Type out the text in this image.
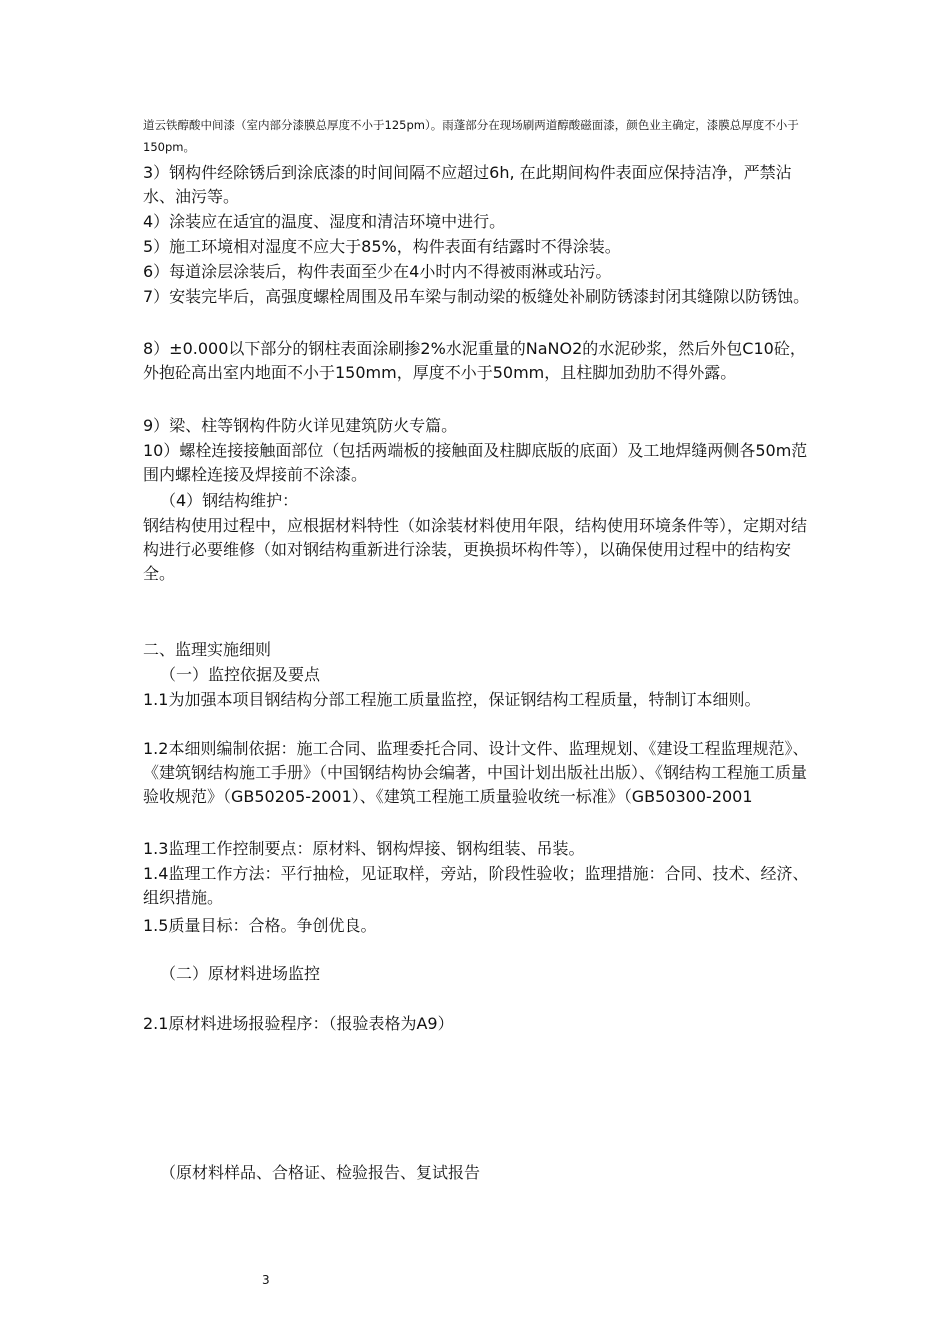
道云铁醇酸中间漆（室内部分漆膜总厚度不小于125pm）。雨蓬部分在现场刷两道醇酸磁面漆，颜色业主确定，漆膜总厚度不小于150pm。

3）钢构件经除锈后到涂底漆的时间间隔不应超过6h, 在此期间构件表面应保持洁净，严禁沾水、油污等。

4）涂装应在适宜的温度、湿度和清洁环境中进行。

5）施工环境相对湿度不应大于85%，构件表面有结露时不得涂装。

6）每道涂层涂装后，构件表面至少在4小时内不得被雨淋或玷污。

7）安装完毕后，高强度螺栓周围及吊车梁与制动梁的板缝处补刷防锈漆封闭其缝隙以防锈蚀。

8）±0.000以下部分的钢柱表面涂刷掺2%水泥重量的NaNO2的水泥砂浆，然后外包C10砼，外抱砼高出室内地面不小于150mm，厚度不小于50mm，且柱脚加劲肋不得外露。

9）梁、柱等钢构件防火详见建筑防火专篇。

10）螺栓连接接触面部位（包括两端板的接触面及柱脚底版的底面）及工地焊缝两侧各50m范围内螺栓连接及焊接前不涂漆。

（4）钢结构维护：

钢结构使用过程中，应根据材料特性（如涂装材料使用年限，结构使用环境条件等），定期对结构进行必要维修（如对钢结构重新进行涂装，更换损坏构件等），以确保使用过程中的结构安全。

二、监理实施细则

（一）监控依据及要点

1.1为加强本项目钢结构分部工程施工质量监控，保证钢结构工程质量，特制订本细则。

1.2本细则编制依据：施工合同、监理委托合同、设计文件、监理规划、《建设工程监理规范》、《建筑钢结构施工手册》（中国钢结构协会编著，中国计划出版社出版）、《钢结构工程施工质量验收规范》（GB50205-2001）、《建筑工程施工质量验收统一标准》（GB50300-2001

1.3监理工作控制要点：原材料、钢构焊接、钢构组装、吊装。

1.4监理工作方法：平行抽检，见证取样，旁站，阶段性验收；监理措施：合同、技术、经济、组织措施。

1.5质量目标：合格。争创优良。

（二）原材料进场监控

2.1原材料进场报验程序：（报验表格为A9）

（原材料样品、合格证、检验报告、复试报告

3
